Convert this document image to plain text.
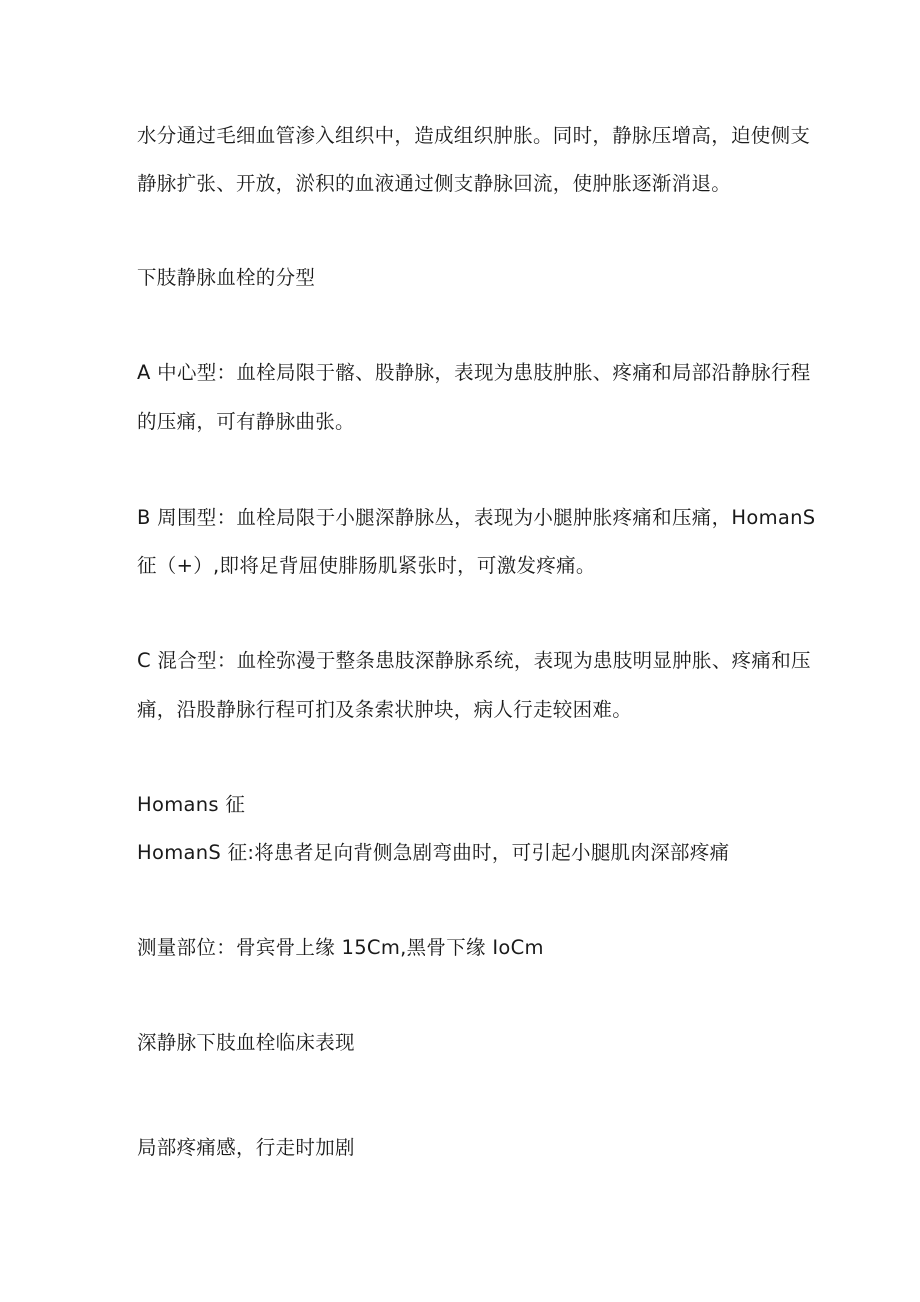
水分通过毛细血管渗入组织中，造成组织肿胀。同时，静脉压增高，迫使侧支
静脉扩张、开放，淤积的血液通过侧支静脉回流，使肿胀逐渐消退。
下肢静脉血栓的分型
A 中心型：血栓局限于髂、股静脉，表现为患肢肿胀、疼痛和局部沿静脉行程
的压痛，可有静脉曲张。
B 周围型：血栓局限于小腿深静脉丛，表现为小腿肿胀疼痛和压痛，HomanS
征（+）,即将足背屈使腓肠肌紧张时，可激发疼痛。
C 混合型：血栓弥漫于整条患肢深静脉系统，表现为患肢明显肿胀、疼痛和压
痛，沿股静脉行程可扪及条索状肿块，病人行走较困难。
Homans 征
HomanS 征:将患者足向背侧急剧弯曲时，可引起小腿肌肉深部疼痛
测量部位：骨宾骨上缘 15Cm,黑骨下缘 IoCm
深静脉下肢血栓临床表现
局部疼痛感，行走时加剧
